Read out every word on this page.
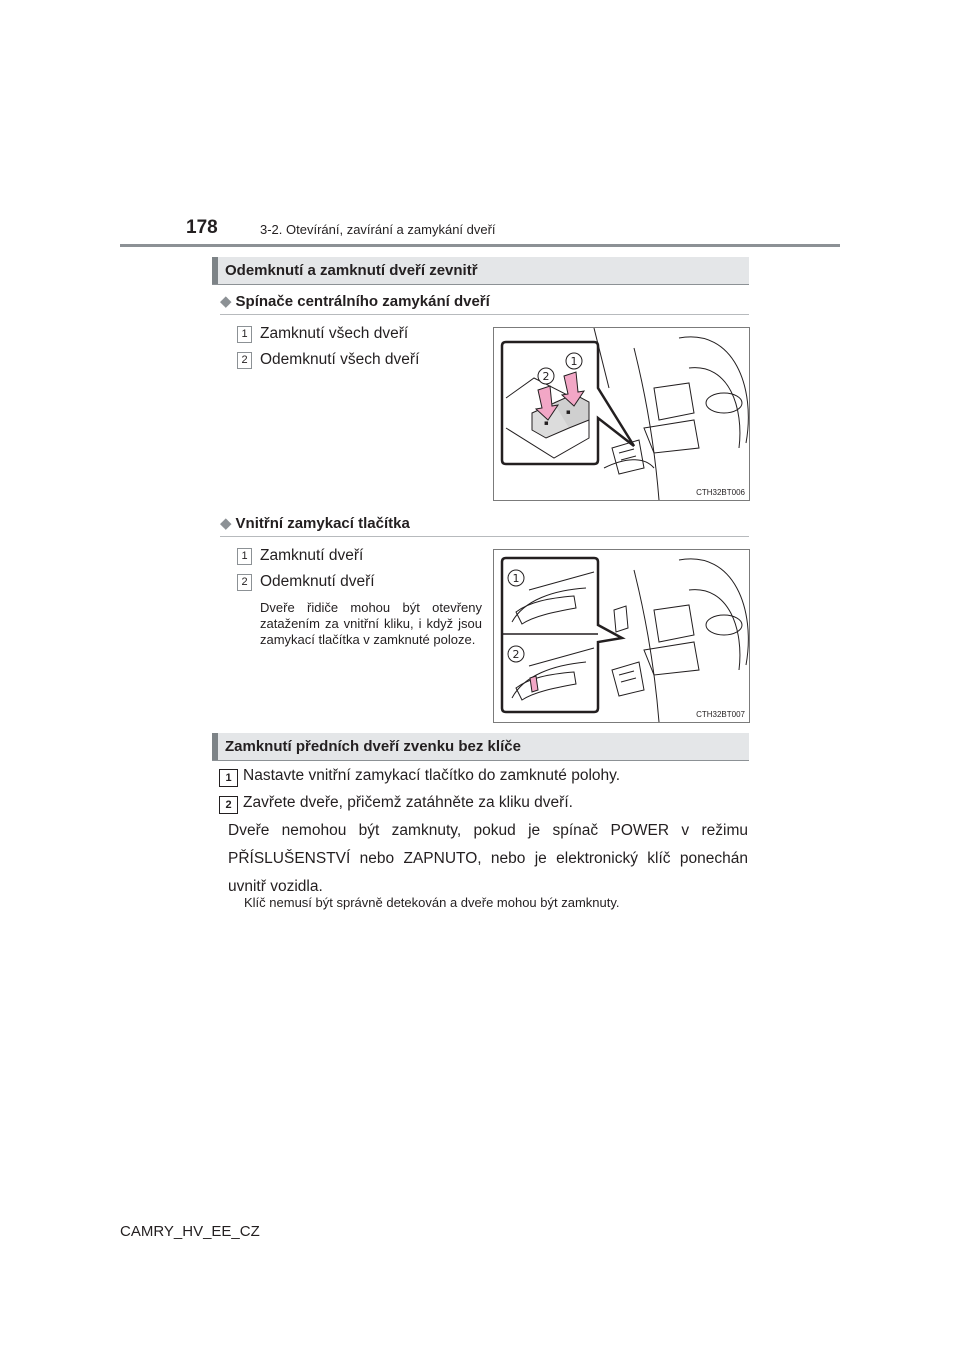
178	3-2. Otevírání, zavírání a zamykání dveří
Odemknutí a zamknutí dveří zevnitř
◆ Spínače centrálního zamykání dveří
1 Zamknutí všech dveří
2 Odemknutí všech dveří
▪
▪
2
1
CTH32BT006
◆ Vnitřní zamykací tlačítka
1 Zamknutí dveří
2 Odemknutí dveří
Dveře řidiče mohou být otevřeny zatažením za vnitřní kliku, i když jsou zamykací tlačítka v zamknuté poloze.
1
2
CTH32BT007
Zamknutí předních dveří zvenku bez klíče
1 Nastavte vnitřní zamykací tlačítko do zamknuté polohy.
2 Zavřete dveře, přičemž zatáhněte za kliku dveří.
Dveře nemohou být zamknuty, pokud je spínač POWER v režimu PŘÍSLUŠENSTVÍ nebo ZAPNUTO, nebo je elektronický klíč ponechán uvnitř vozidla.
Klíč nemusí být správně detekován a dveře mohou být zamknuty.
CAMRY_HV_EE_CZ
